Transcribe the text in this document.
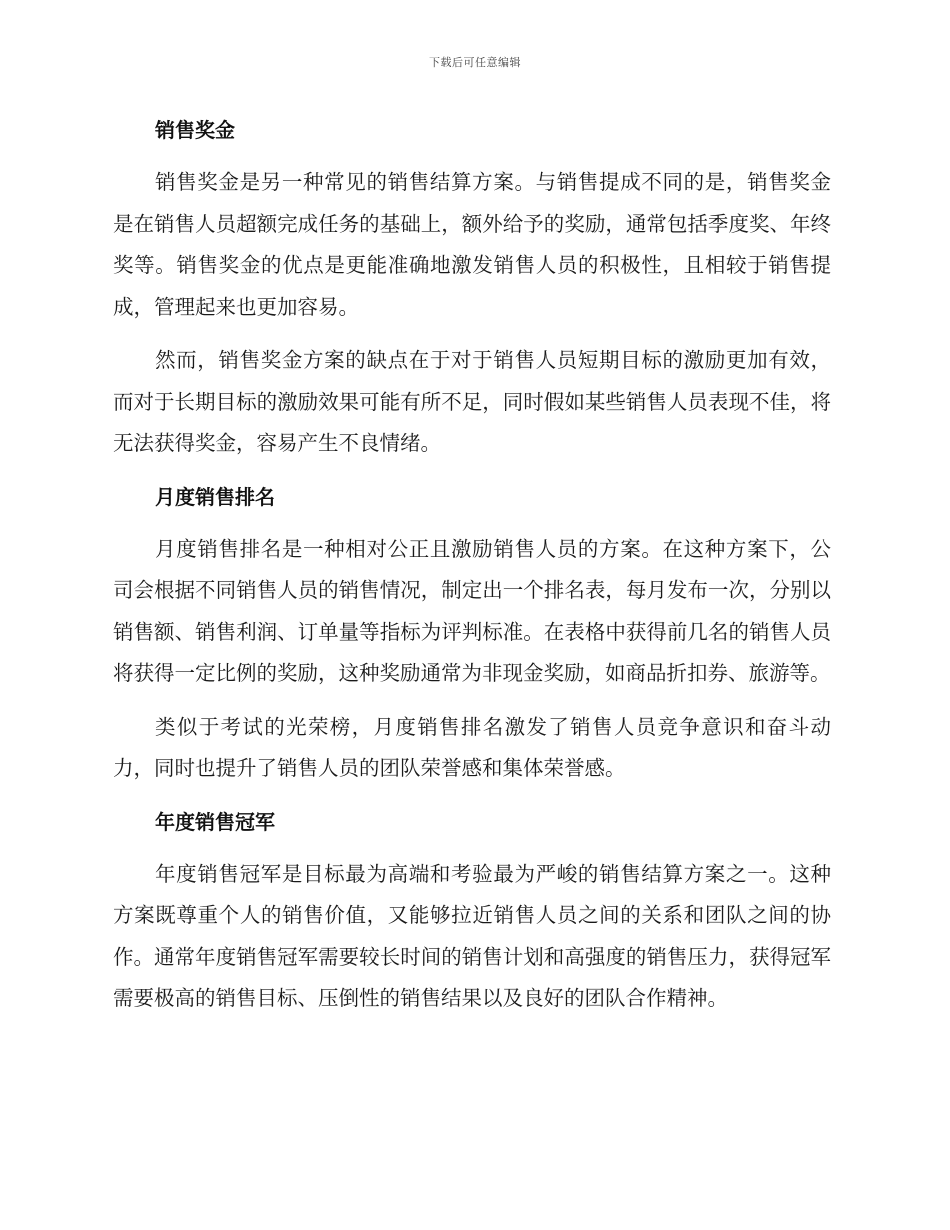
下载后可任意编辑
销售奖金

销售奖金是另一种常见的销售结算方案。与销售提成不同的是，销售奖金是在销售人员超额完成任务的基础上，额外给予的奖励，通常包括季度奖、年终奖等。销售奖金的优点是更能准确地激发销售人员的积极性，且相较于销售提成，管理起来也更加容易。

然而，销售奖金方案的缺点在于对于销售人员短期目标的激励更加有效，而对于长期目标的激励效果可能有所不足，同时假如某些销售人员表现不佳，将无法获得奖金，容易产生不良情绪。

月度销售排名

月度销售排名是一种相对公正且激励销售人员的方案。在这种方案下，公司会根据不同销售人员的销售情况，制定出一个排名表，每月发布一次，分别以销售额、销售利润、订单量等指标为评判标准。在表格中获得前几名的销售人员将获得一定比例的奖励，这种奖励通常为非现金奖励，如商品折扣券、旅游等。

类似于考试的光荣榜，月度销售排名激发了销售人员竞争意识和奋斗动力，同时也提升了销售人员的团队荣誉感和集体荣誉感。

年度销售冠军

年度销售冠军是目标最为高端和考验最为严峻的销售结算方案之一。这种方案既尊重个人的销售价值，又能够拉近销售人员之间的关系和团队之间的协作。通常年度销售冠军需要较长时间的销售计划和高强度的销售压力，获得冠军需要极高的销售目标、压倒性的销售结果以及良好的团队合作精神。
